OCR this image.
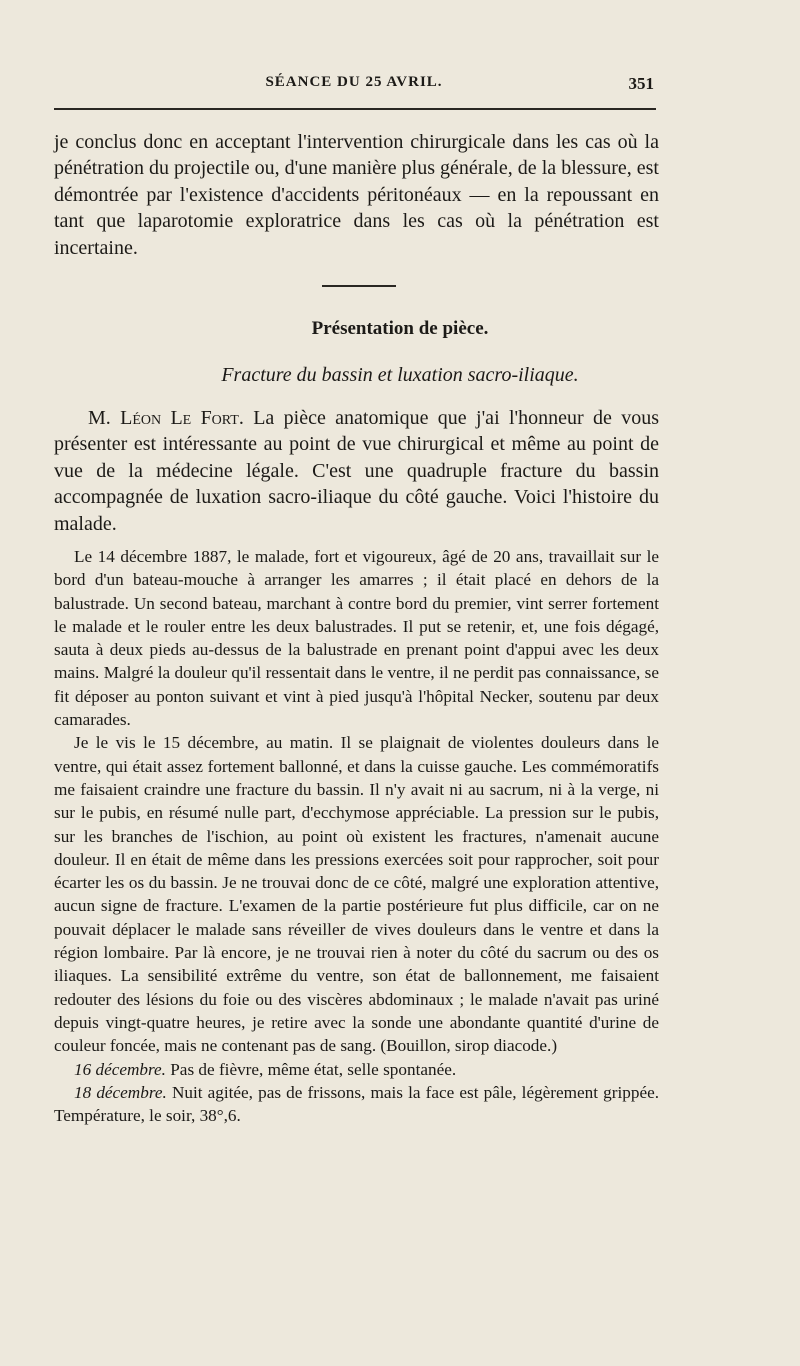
SÉANCE DU 25 AVRIL.	351

je conclus donc en acceptant l'intervention chirurgicale dans les cas où la pénétration du projectile ou, d'une manière plus générale, de la blessure, est démontrée par l'existence d'accidents péritonéaux — en la repoussant en tant que laparotomie exploratrice dans les cas où la pénétration est incertaine.

Présentation de pièce.
Fracture du bassin et luxation sacro-iliaque.

M. Léon Le Fort. La pièce anatomique que j'ai l'honneur de vous présenter est intéressante au point de vue chirurgical et même au point de vue de la médecine légale. C'est une quadruple fracture du bassin accompagnée de luxation sacro-iliaque du côté gauche. Voici l'histoire du malade.

Le 14 décembre 1887, le malade, fort et vigoureux, âgé de 20 ans, travaillait sur le bord d'un bateau-mouche à arranger les amarres ; il était placé en dehors de la balustrade. Un second bateau, marchant à contre bord du premier, vint serrer fortement le malade et le rouler entre les deux balustrades. Il put se retenir, et, une fois dégagé, sauta à deux pieds au-dessus de la balustrade en prenant point d'appui avec les deux mains. Malgré la douleur qu'il ressentait dans le ventre, il ne perdit pas connaissance, se fit déposer au ponton suivant et vint à pied jusqu'à l'hôpital Necker, soutenu par deux camarades.

Je le vis le 15 décembre, au matin. Il se plaignait de violentes douleurs dans le ventre, qui était assez fortement ballonné, et dans la cuisse gauche. Les commémoratifs me faisaient craindre une fracture du bassin. Il n'y avait ni au sacrum, ni à la verge, ni sur le pubis, en résumé nulle part, d'ecchymose appréciable. La pression sur le pubis, sur les branches de l'ischion, au point où existent les fractures, n'amenait aucune douleur. Il en était de même dans les pressions exercées soit pour rapprocher, soit pour écarter les os du bassin. Je ne trouvai donc de ce côté, malgré une exploration attentive, aucun signe de fracture. L'examen de la partie postérieure fut plus difficile, car on ne pouvait déplacer le malade sans réveiller de vives douleurs dans le ventre et dans la région lombaire. Par là encore, je ne trouvai rien à noter du côté du sacrum ou des os iliaques. La sensibilité extrême du ventre, son état de ballonnement, me faisaient redouter des lésions du foie ou des viscères abdominaux ; le malade n'avait pas uriné depuis vingt-quatre heures, je retire avec la sonde une abondante quantité d'urine de couleur foncée, mais ne contenant pas de sang. (Bouillon, sirop diacode.)

16 décembre. Pas de fièvre, même état, selle spontanée.

18 décembre. Nuit agitée, pas de frissons, mais la face est pâle, légèrement grippée. Température, le soir, 38°,6.
